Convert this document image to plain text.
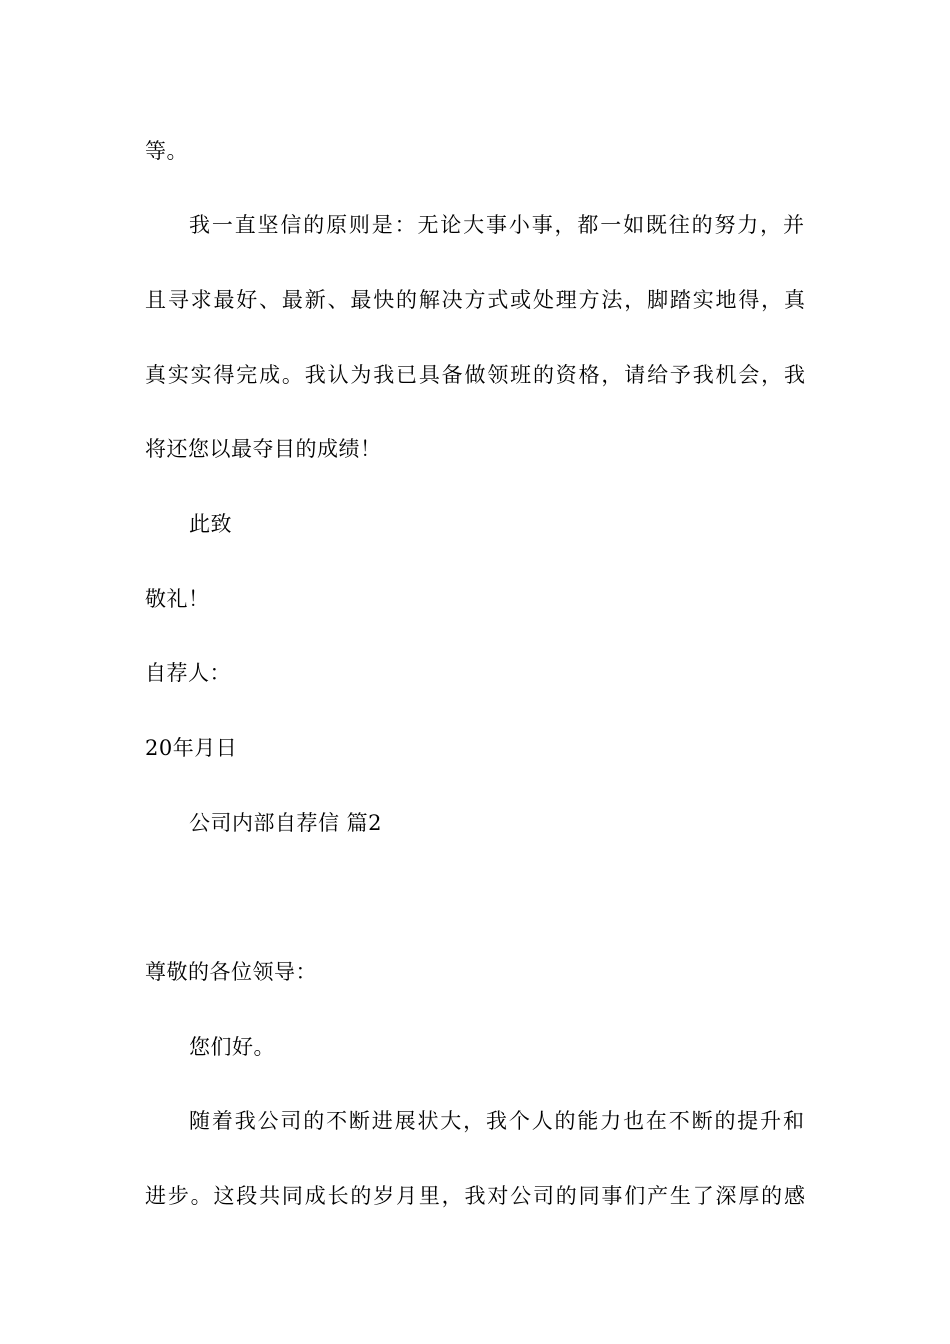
等。
我一直坚信的原则是：无论大事小事，都一如既往的努力，并
且寻求最好、最新、最快的解决方式或处理方法，脚踏实地得，真
真实实得完成。我认为我已具备做领班的资格，请给予我机会，我
将还您以最夺目的成绩！
此致
敬礼！
自荐人：
20年月日
公司内部自荐信 篇2
尊敬的各位领导：
您们好。
随着我公司的不断进展状大，我个人的能力也在不断的提升和
进步。这段共同成长的岁月里，我对公司的同事们产生了深厚的感
